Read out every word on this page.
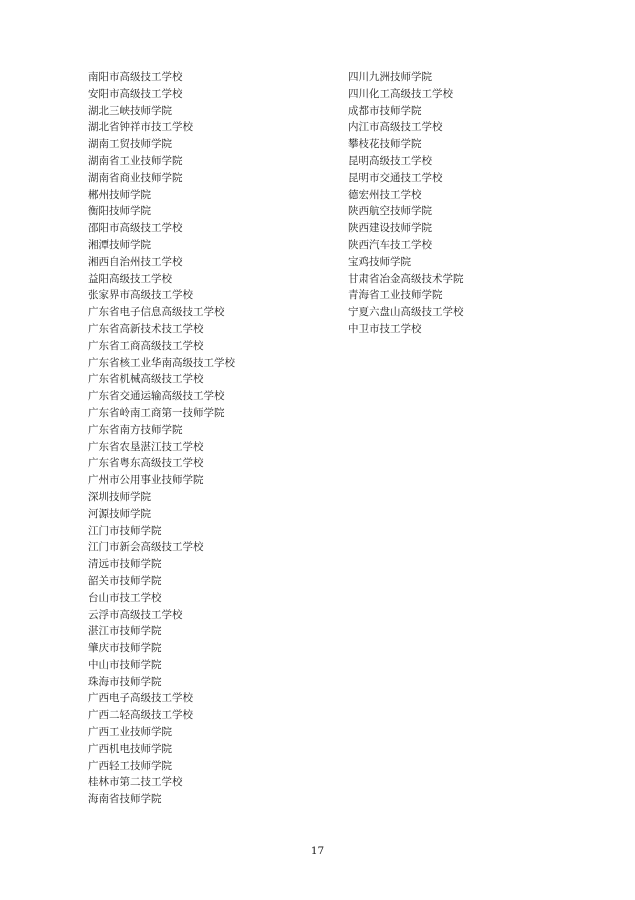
南阳市高级技工学校
安阳市高级技工学校
湖北三峡技师学院
湖北省钟祥市技工学校
湖南工贸技师学院
湖南省工业技师学院
湖南省商业技师学院
郴州技师学院
衡阳技师学院
邵阳市高级技工学校
湘潭技师学院
湘西自治州技工学校
益阳高级技工学校
张家界市高级技工学校
广东省电子信息高级技工学校
广东省高新技术技工学校
广东省工商高级技工学校
广东省核工业华南高级技工学校
广东省机械高级技工学校
广东省交通运输高级技工学校
广东省岭南工商第一技师学院
广东省南方技师学院
广东省农垦湛江技工学校
广东省粤东高级技工学校
广州市公用事业技师学院
深圳技师学院
河源技师学院
江门市技师学院
江门市新会高级技工学校
清远市技师学院
韶关市技师学院
台山市技工学校
云浮市高级技工学校
湛江市技师学院
肇庆市技师学院
中山市技师学院
珠海市技师学院
广西电子高级技工学校
广西二轻高级技工学校
广西工业技师学院
广西机电技师学院
广西轻工技师学院
桂林市第二技工学校
海南省技师学院
四川九洲技师学院
四川化工高级技工学校
成都市技师学院
内江市高级技工学校
攀枝花技师学院
昆明高级技工学校
昆明市交通技工学校
德宏州技工学校
陕西航空技师学院
陕西建设技师学院
陕西汽车技工学校
宝鸡技师学院
甘肃省冶金高级技术学院
青海省工业技师学院
宁夏六盘山高级技工学校
中卫市技工学校
17
